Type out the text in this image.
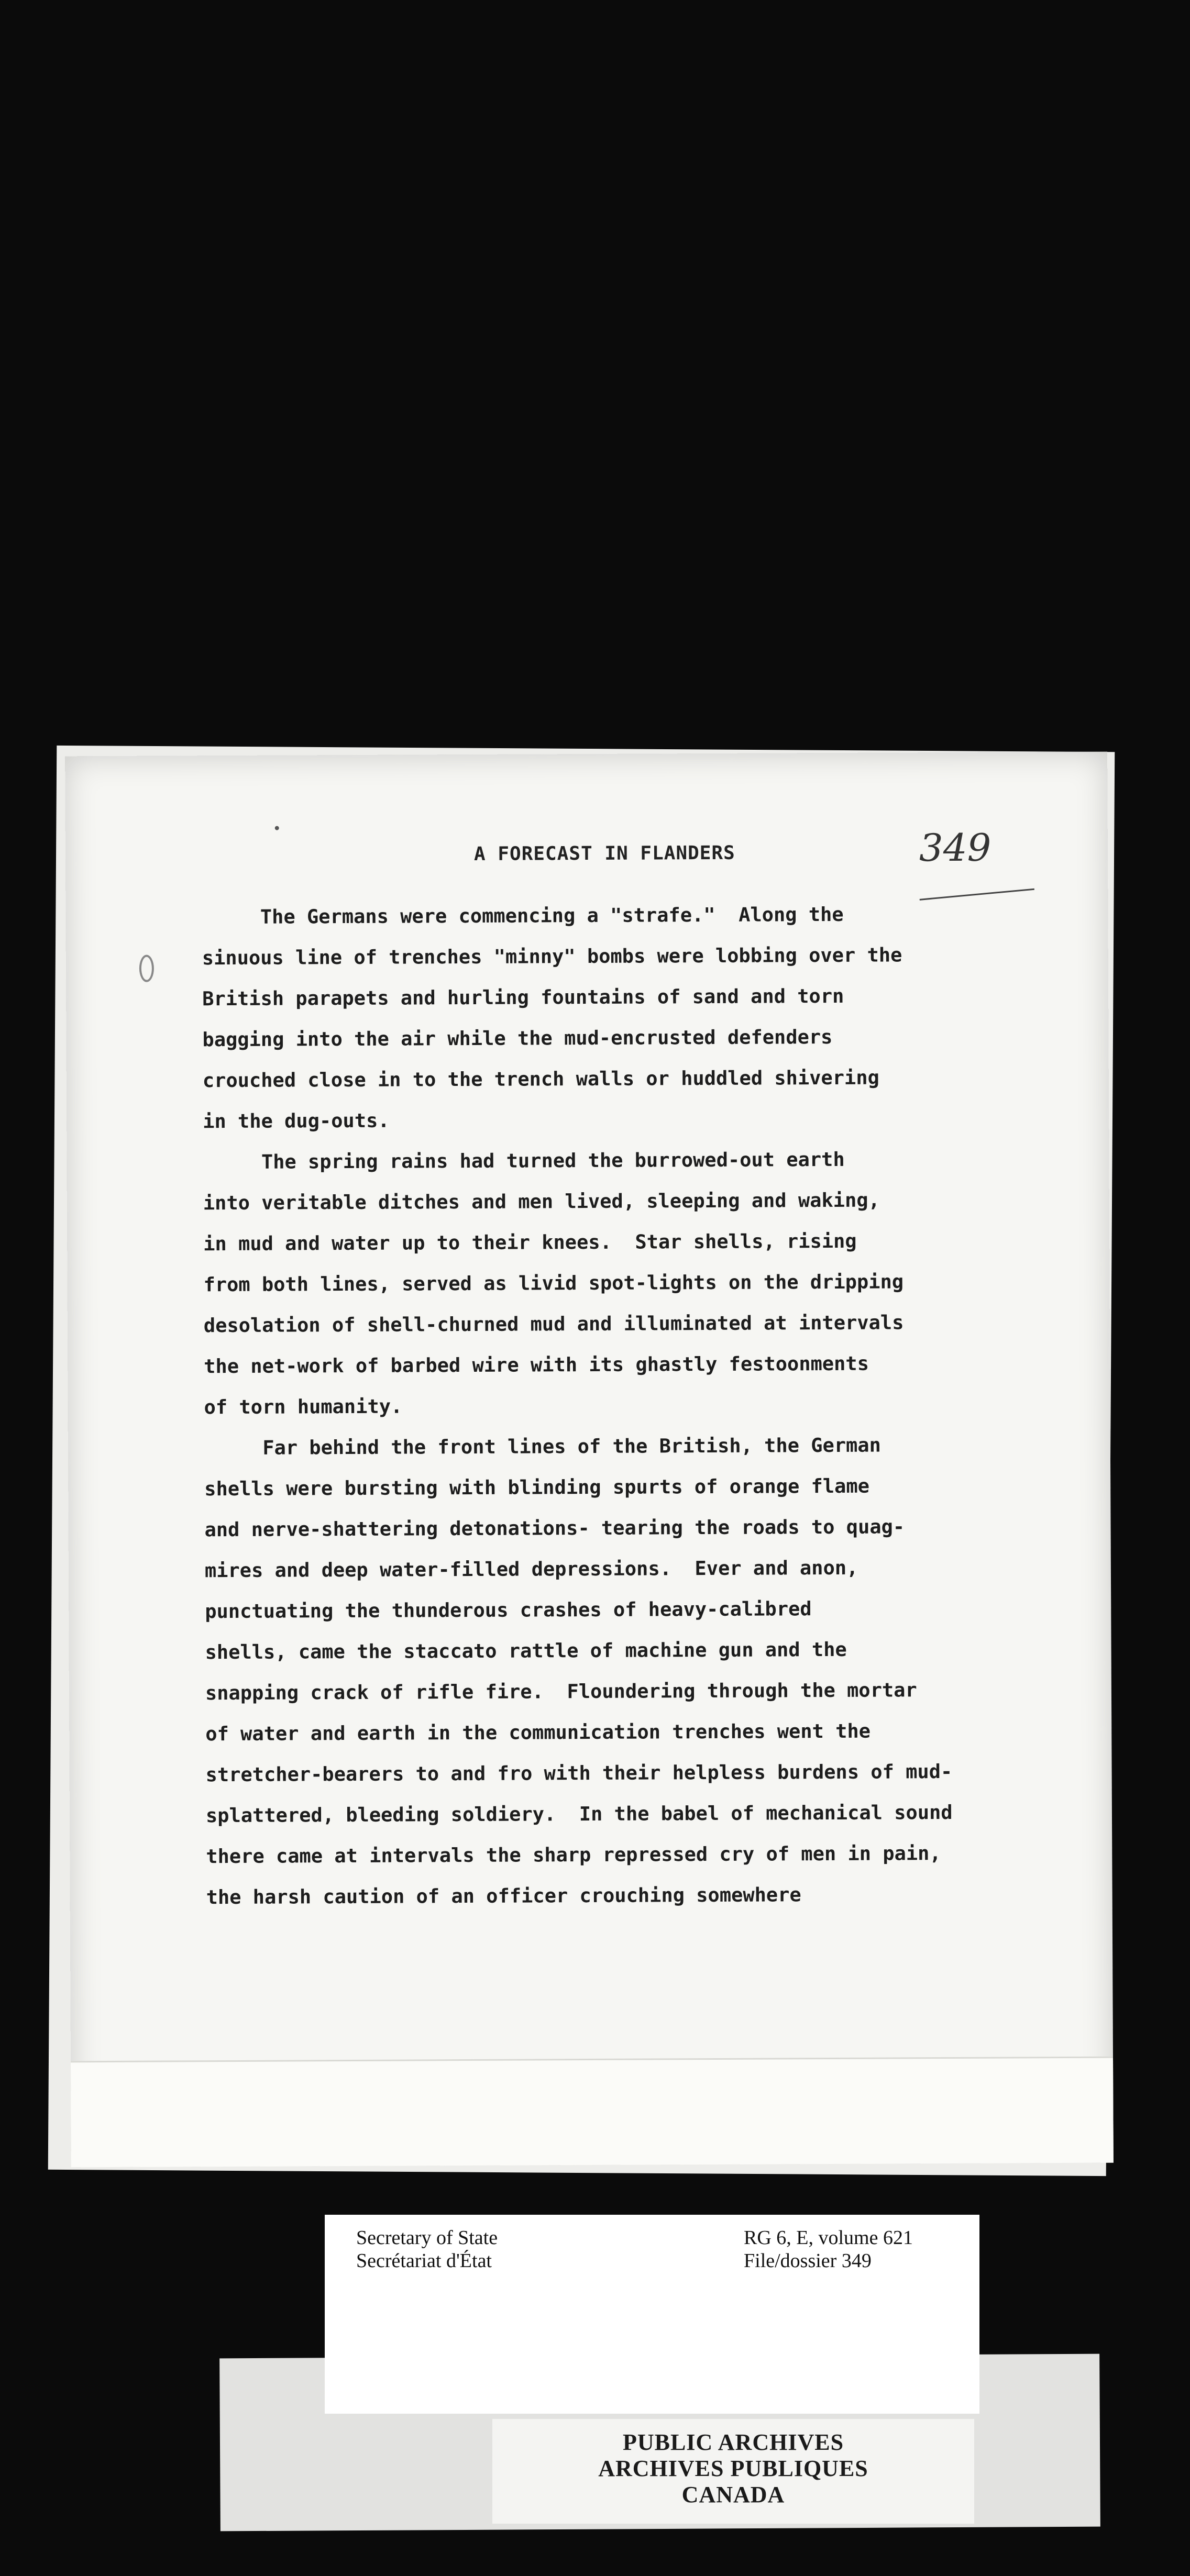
A FORECAST IN FLANDERS	349
The Germans were commencing a "strafe."  Along the
sinuous line of trenches "minny" bombs were lobbing over the
British parapets and hurling fountains of sand and torn
bagging into the air while the mud-encrusted defenders
crouched close in to the trench walls or huddled shivering
in the dug-outs.
The spring rains had turned the burrowed-out earth
into veritable ditches and men lived, sleeping and waking,
in mud and water up to their knees.  Star shells, rising
from both lines, served as livid spot-lights on the dripping
desolation of shell-churned mud and illuminated at intervals
the net-work of barbed wire with its ghastly festoonments
of torn humanity.
Far behind the front lines of the British, the German
shells were bursting with blinding spurts of orange flame
and nerve-shattering detonations- tearing the roads to quag-
mires and deep water-filled depressions.  Ever and anon,
punctuating the thunderous crashes of heavy-calibred
shells, came the staccato rattle of machine gun and the
snapping crack of rifle fire.  Floundering through the mortar
of water and earth in the communication trenches went the
stretcher-bearers to and fro with their helpless burdens of mud-
splattered, bleeding soldiery.  In the babel of mechanical sound
there came at intervals the sharp repressed cry of men in pain,
the harsh caution of an officer crouching somewhere
Secretary of State
Secrétariat d'État
RG 6, E, volume 621
File/dossier 349
PUBLIC ARCHIVES
ARCHIVES PUBLIQUES
CANADA
